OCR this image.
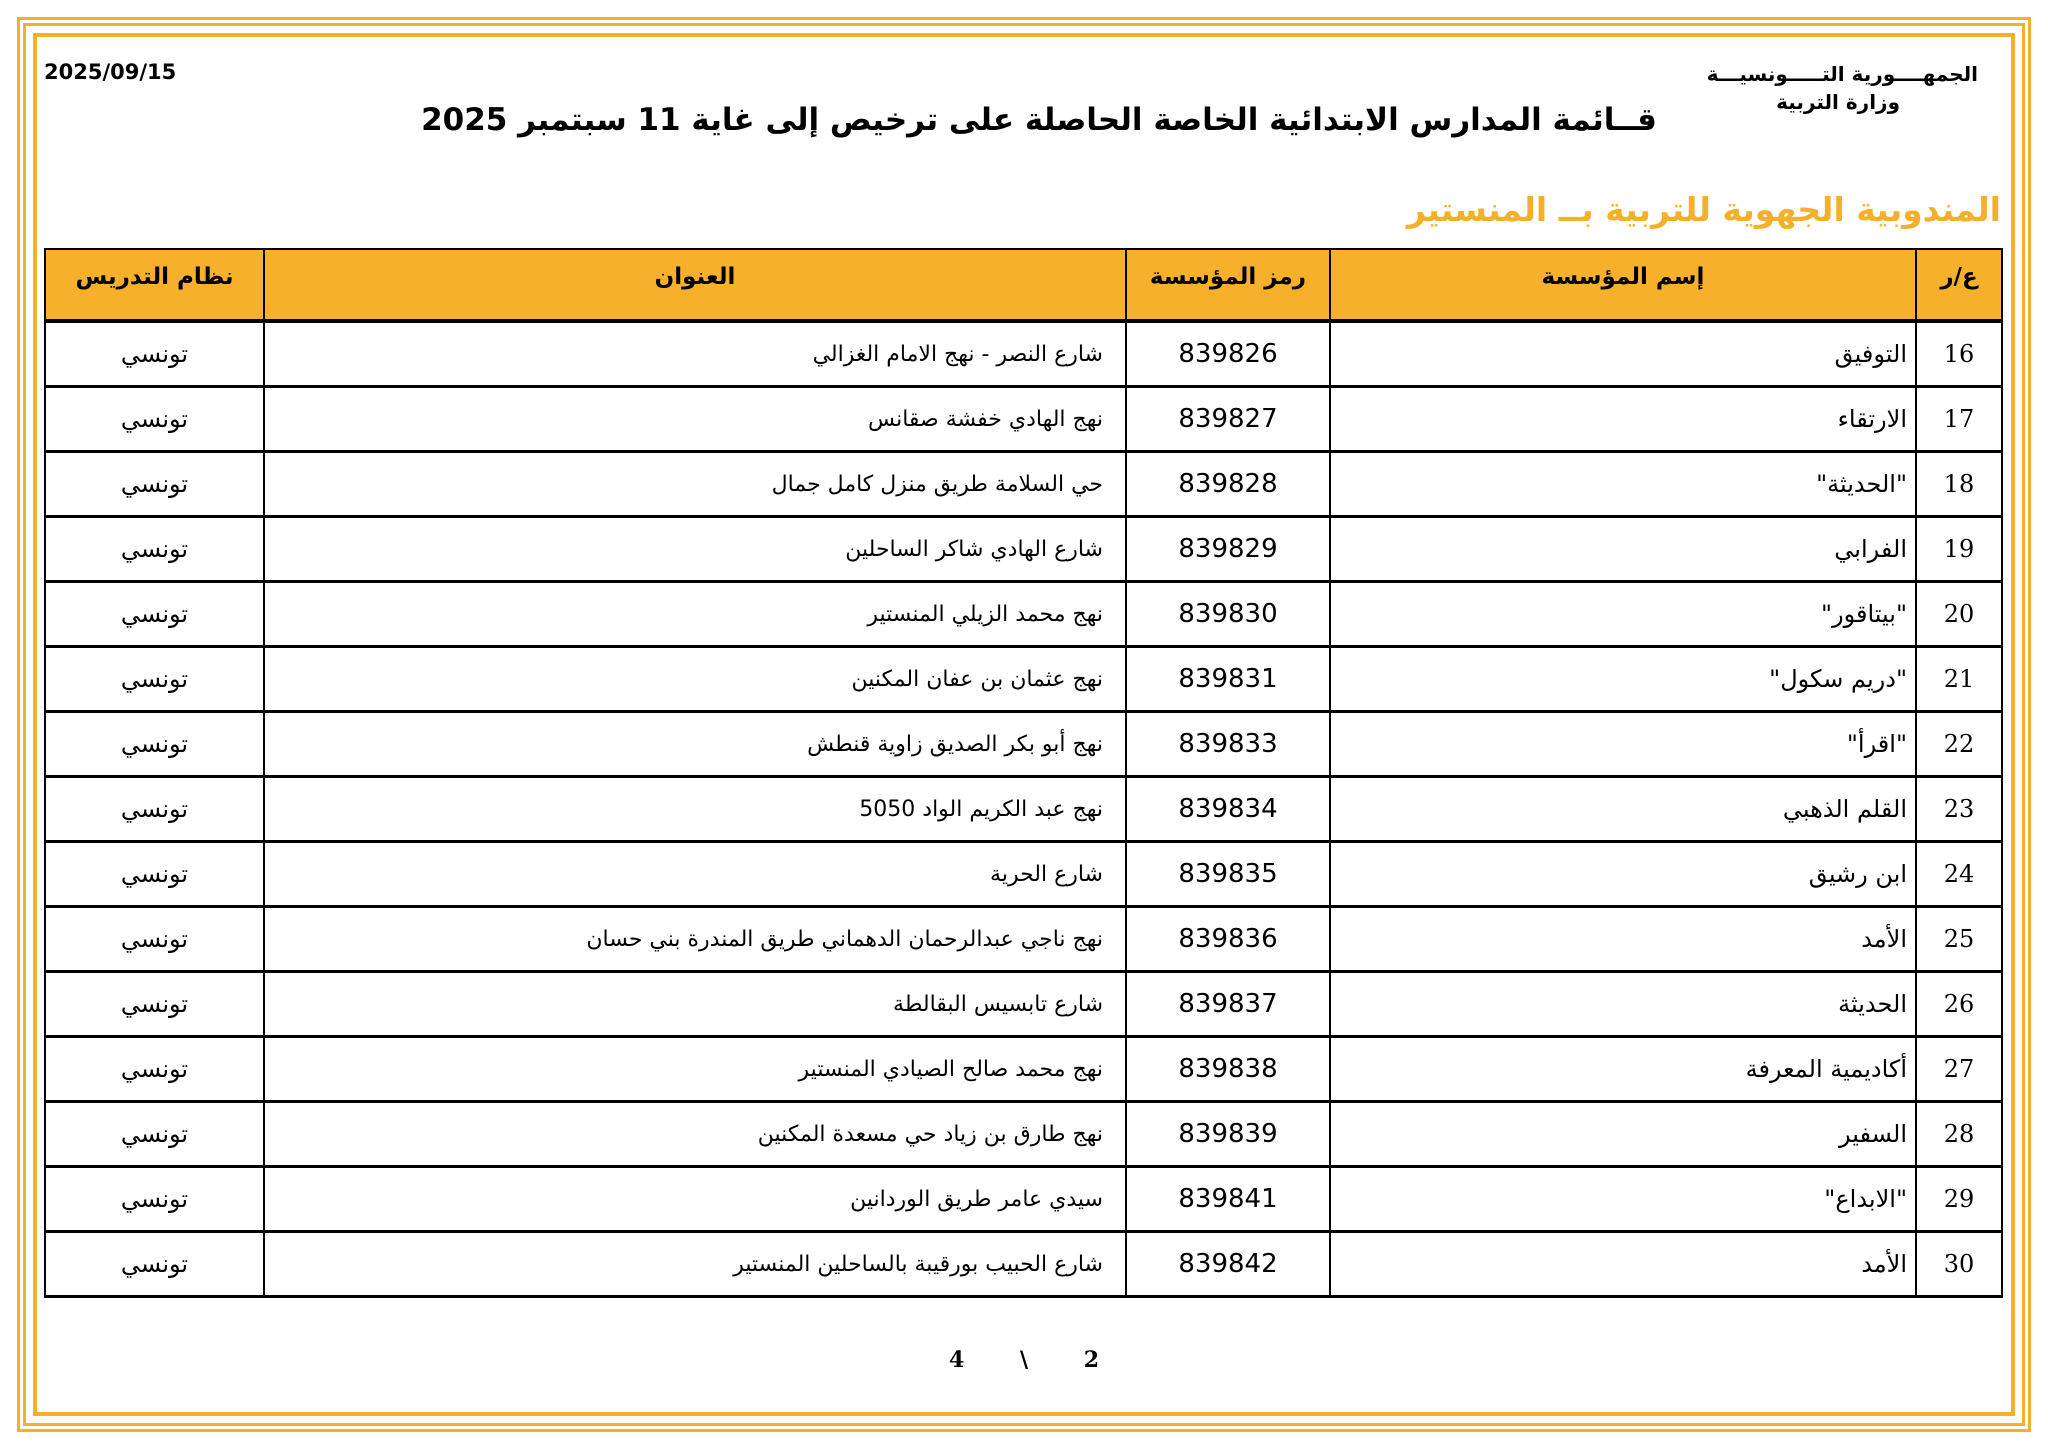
الجمهــــورية التـــــونسيـــة
وزارة التربية
2025/09/15
قــائمة المدارس الابتدائية الخاصة الحاصلة على ترخيص إلى غاية 11 سبتمبر 2025
المندوبية الجهوية للتربية بــ المنستير
ع/ر	إسم المؤسسة	رمز المؤسسة	العنوان	نظام التدريس
16	التوفيق	839826	شارع النصر - نهج الامام الغزالي	تونسي
17	الارتقاء	839827	نهج الهادي خفشة صقانس	تونسي
18	"الحديثة"	839828	حي السلامة طريق منزل كامل جمال	تونسي
19	الفرابي	839829	شارع الهادي شاكر الساحلين	تونسي
20	"بيتاقور"	839830	نهج محمد الزيلي المنستير	تونسي
21	"دريم سكول"	839831	نهج عثمان بن عفان المكنين	تونسي
22	"اقرأ"	839833	نهج أبو بكر الصديق زاوية قنطش	تونسي
23	القلم الذهبي	839834	نهج عبد الكريم الواد 5050	تونسي
24	ابن رشيق	839835	شارع الحرية	تونسي
25	الأمد	839836	نهج ناجي عبدالرحمان الدهماني طريق المندرة بني حسان	تونسي
26	الحديثة	839837	شارع تابسيس البقالطة	تونسي
27	أكاديمية المعرفة	839838	نهج محمد صالح الصيادي المنستير	تونسي
28	السفير	839839	نهج طارق بن زياد حي مسعدة المكنين	تونسي
29	"الابداع"	839841	سيدي عامر طريق الوردانين	تونسي
30	الأمد	839842	شارع الحبيب بورقيبة بالساحلين المنستير	تونسي
2 \ 4
